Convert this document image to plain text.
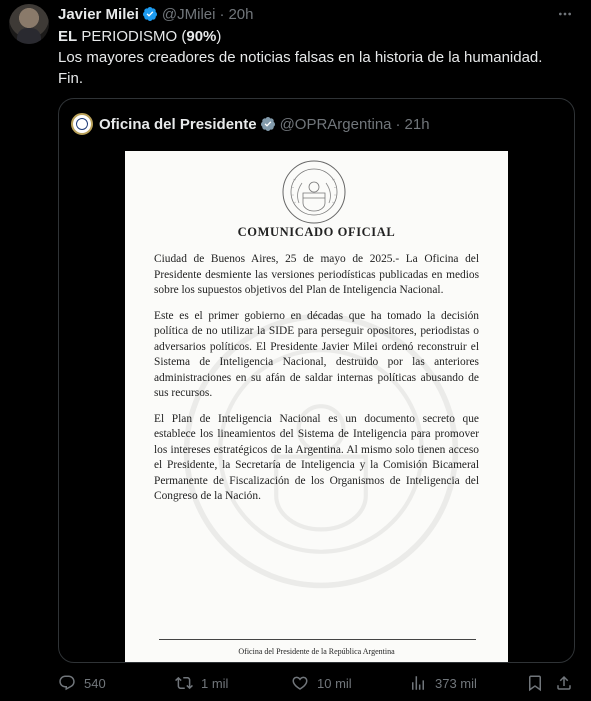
Javier Milei @JMilei · 20h

EL PERIODISMO (90%)

Los mayores creadores de noticias falsas en la historia de la humanidad.

Fin.

Oficina del Presidente @OPRArgentina · 21h
COMUNICADO OFICIAL

Ciudad de Buenos Aires, 25 de mayo de 2025.- La Oficina del Presidente desmiente las versiones periodísticas publicadas en medios sobre los supuestos objetivos del Plan de Inteligencia Nacional.

Este es el primer gobierno en décadas que ha tomado la decisión política de no utilizar la SIDE para perseguir opositores, periodistas o adversarios políticos. El Presidente Javier Milei ordenó reconstruir el Sistema de Inteligencia Nacional, destruido por las anteriores administraciones en su afán de saldar internas políticas abusando de sus recursos.

El Plan de Inteligencia Nacional es un documento secreto que establece los lineamientos del Sistema de Inteligencia para promover los intereses estratégicos de la Argentina. Al mismo solo tienen acceso el Presidente, la Secretaría de Inteligencia y la Comisión Bicameral Permanente de Fiscalización de los Organismos de Inteligencia del Congreso de la Nación.

Oficina del Presidente de la República Argentina
540	1 mil	10 mil	373 mil
